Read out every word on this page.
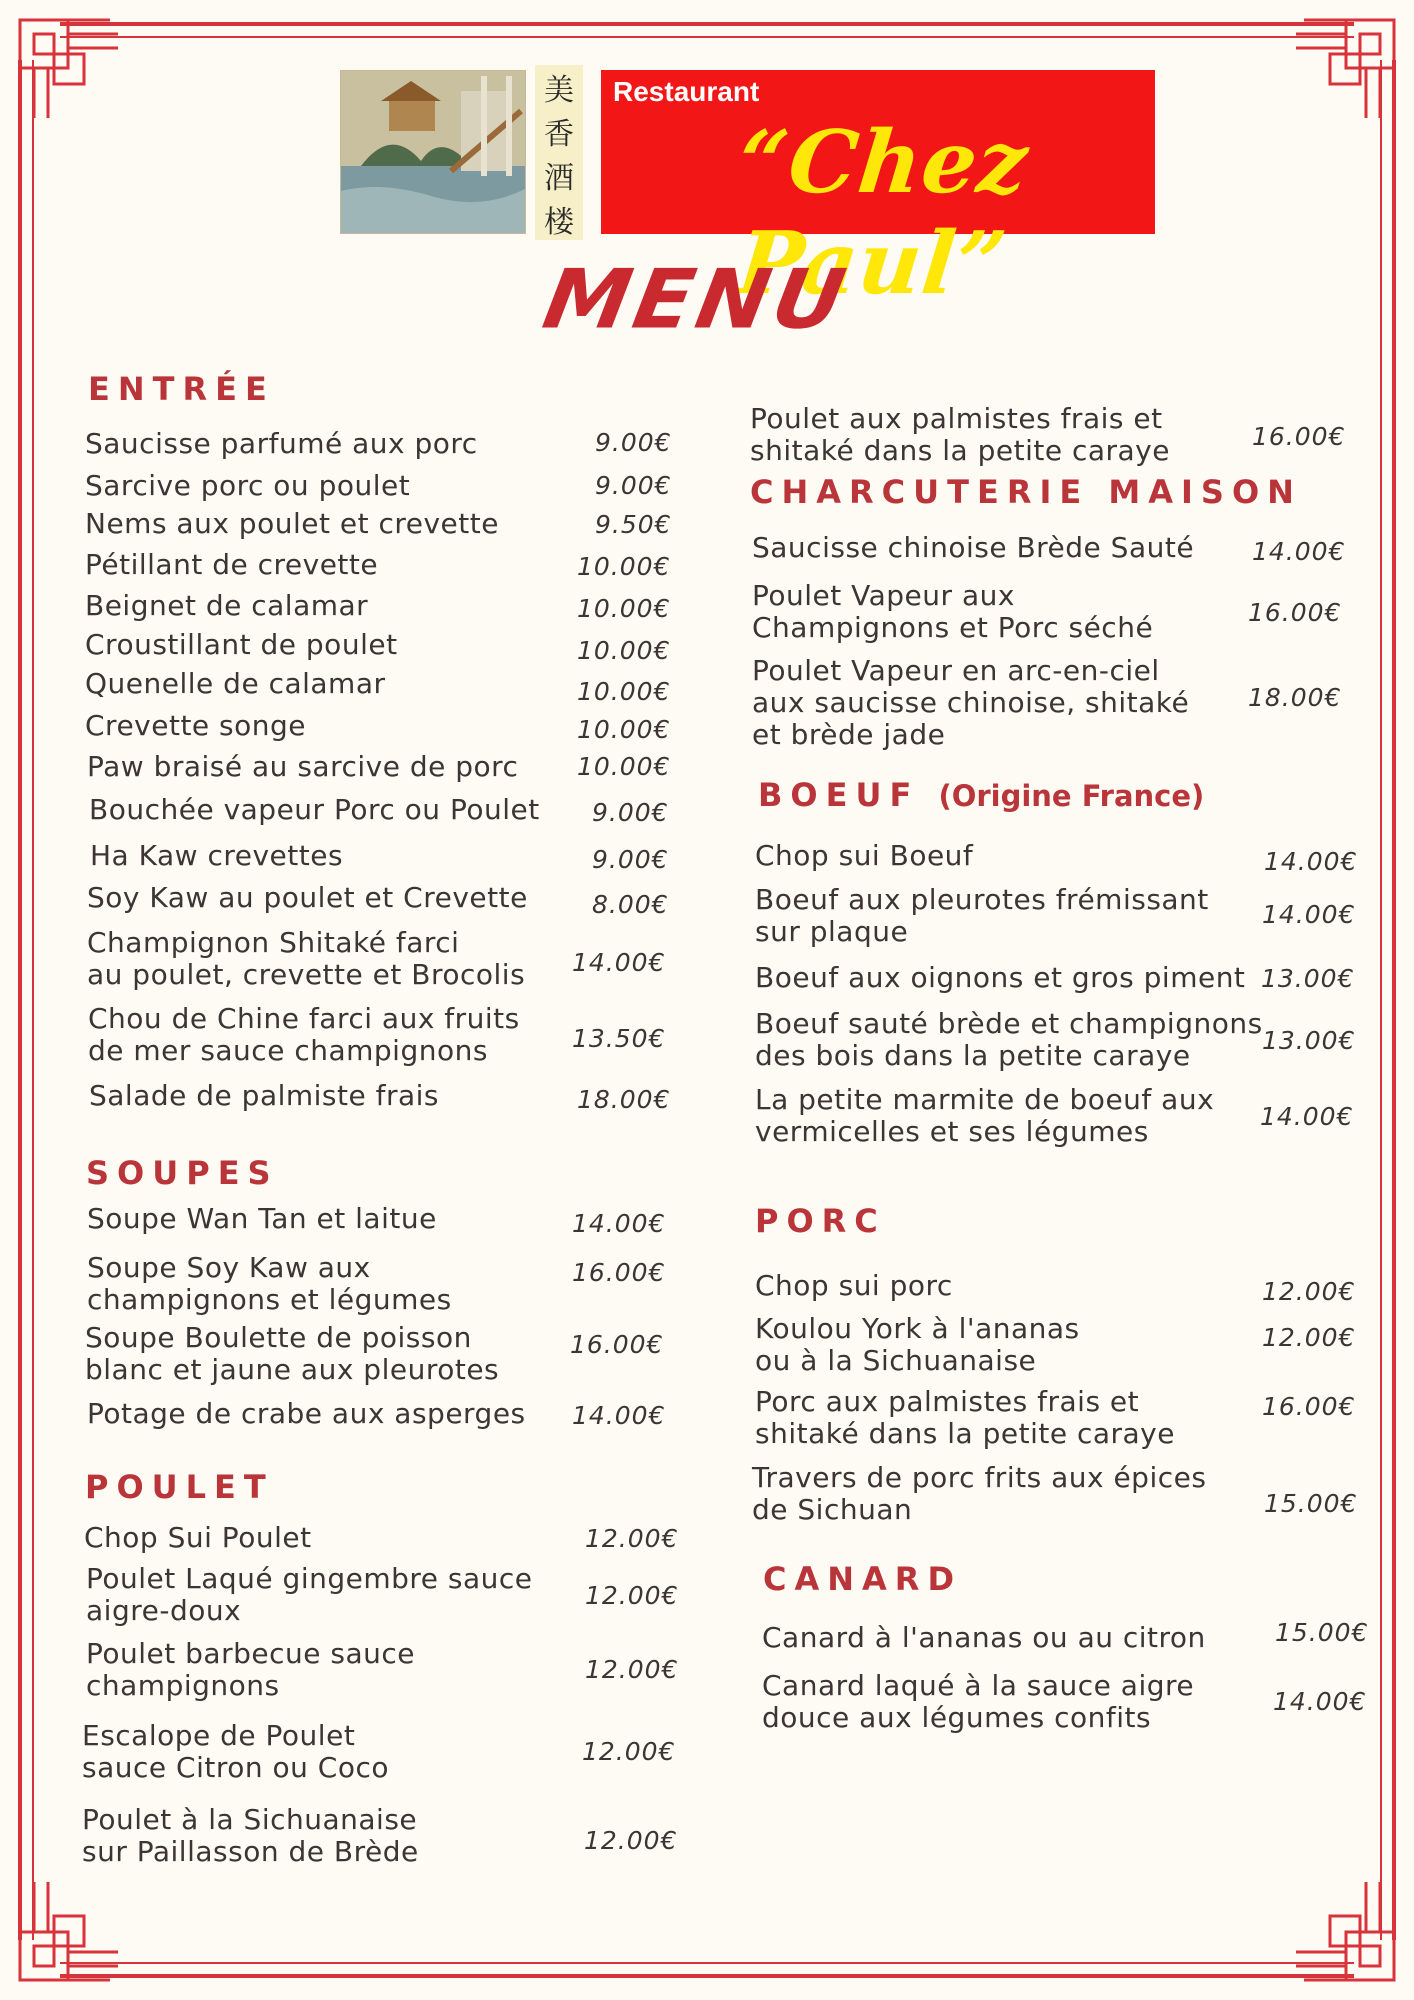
美
香
酒
楼
Restaurant
“Chez Paul”
MENU
ENTRÉE
Saucisse parfumé aux porc	9.00€
Sarcive porc ou poulet	9.00€
Nems aux poulet et crevette	9.50€
Pétillant de crevette	10.00€
Beignet de calamar	10.00€
Croustillant de poulet	10.00€
Quenelle de calamar	10.00€
Crevette songe	10.00€
Paw braisé au sarcive de porc 10.00€
Bouchée vapeur Porc ou Poulet 9.00€
Ha Kaw crevettes	9.00€
Soy Kaw au poulet et Crevette	8.00€
Champignon Shitaké farci
au poulet, crevette et Brocolis 14.00€
Chou de Chine farci aux fruits
de mer sauce champignons	13.50€
Salade de palmiste frais	18.00€
SOUPES
Soupe Wan Tan et laitue	14.00€
Soupe Soy Kaw aux
champignons et légumes
16.00€
Soupe Boulette de poisson
blanc et jaune aux pleurotes
16.00€
Potage de crabe aux asperges 14.00€
POULET
Chop Sui Poulet	12.00€
Poulet Laqué gingembre sauce
aigre-doux	12.00€
Poulet barbecue sauce
champignons	12.00€
Escalope de Poulet
sauce Citron ou Coco	12.00€
Poulet à la Sichuanaise
sur Paillasson de Brède	12.00€
Poulet aux palmistes frais et
shitaké dans la petite caraye	16.00€
CHARCUTERIE MAISON
Saucisse chinoise Brède Sauté 14.00€
Poulet Vapeur aux
Champignons et Porc séché	16.00€
Poulet Vapeur en arc-en-ciel
aux saucisse chinoise, shitaké
et brède jade
18.00€
BOEUF (Origine France)
Chop sui Boeuf	14.00€
Boeuf aux pleurotes frémissant
sur plaque
14.00€
Boeuf aux oignons et gros piment 13.00€
Boeuf sauté brède et champignons
des bois dans la petite caraye	13.00€
La petite marmite de boeuf aux
vermicelles et ses légumes	14.00€
PORC
Chop sui porc	12.00€
Koulou York à l'ananas
ou à la Sichuanaise
12.00€
Porc aux palmistes frais et
shitaké dans la petite caraye
16.00€
Travers de porc frits aux épices
de Sichuan	15.00€
CANARD
Canard à l'ananas ou au citron	15.00€
Canard laqué à la sauce aigre
douce aux légumes confits	14.00€
